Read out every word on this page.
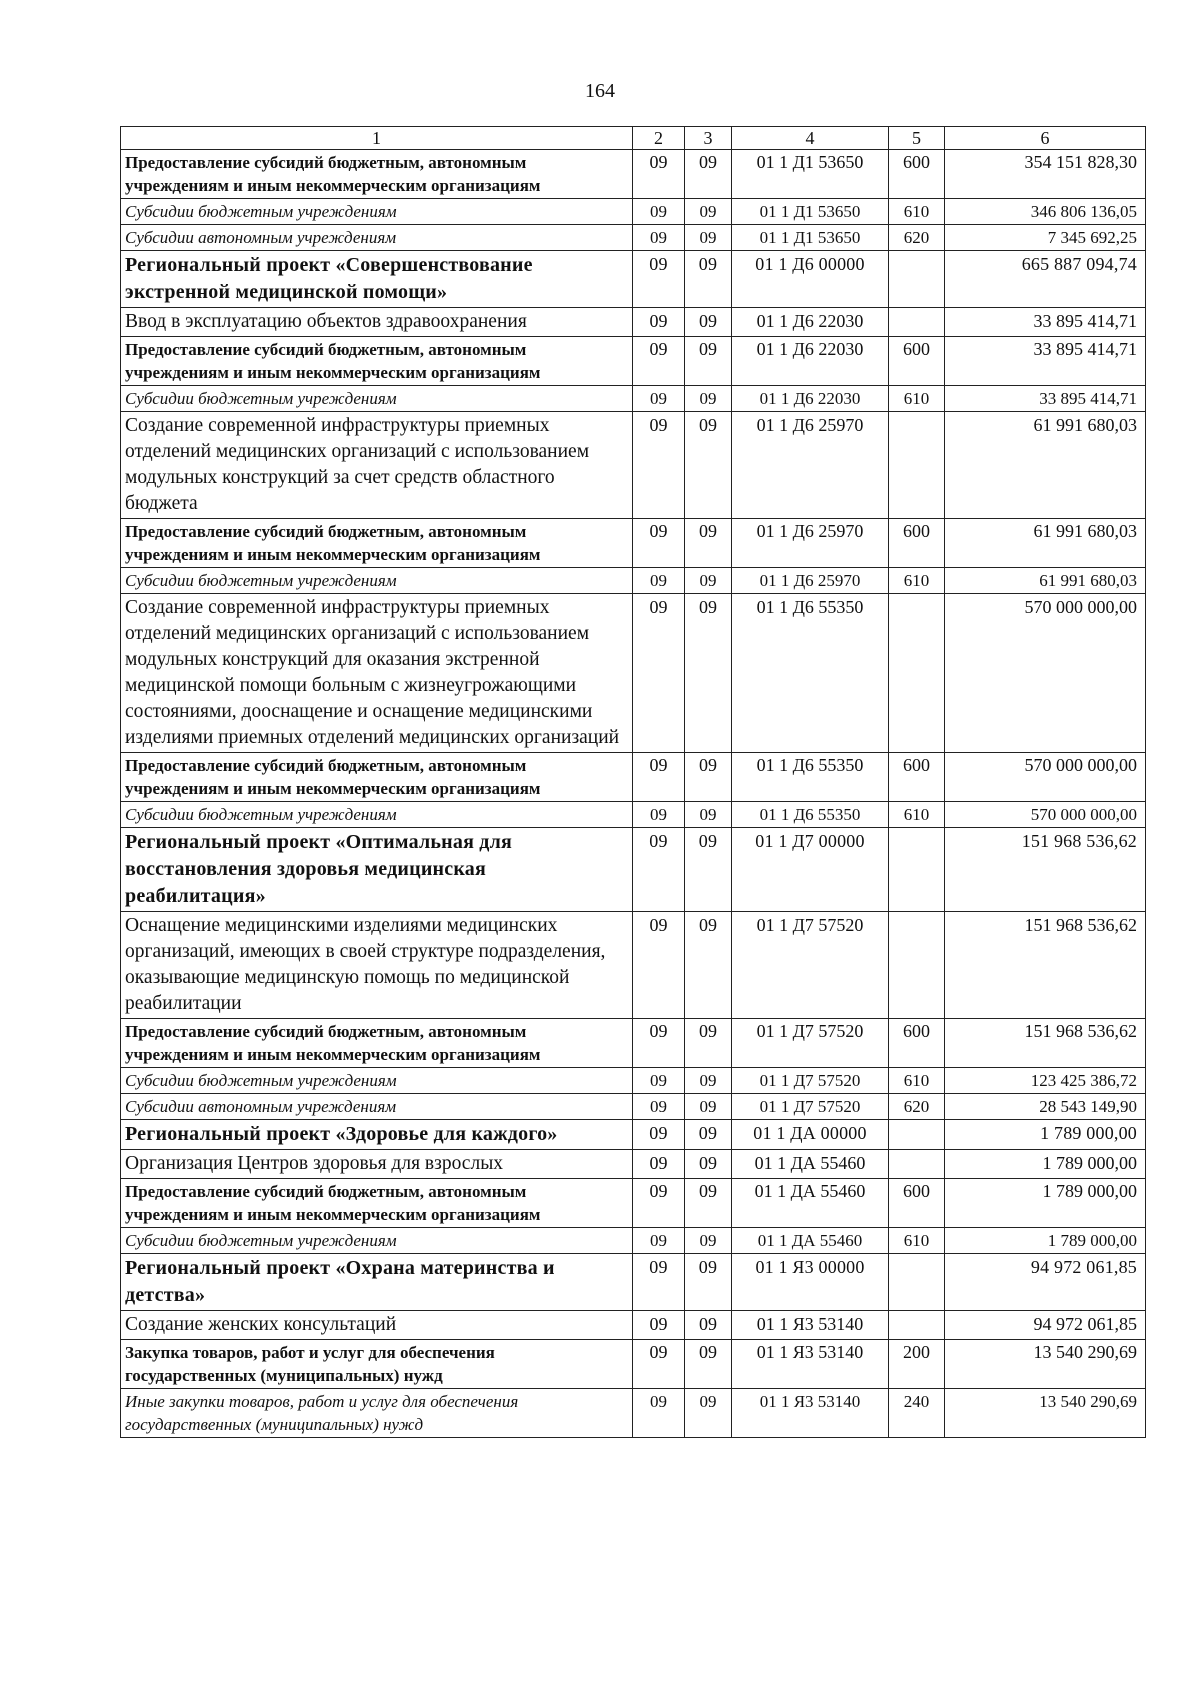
164
1	2	3	4	5	6
Предоставление субсидий бюджетным, автономным учреждениям и иным некоммерческим организациям	09	09	01 1 Д1 53650	600	354 151 828,30
Субсидии бюджетным учреждениям	09	09	01 1 Д1 53650	610	346 806 136,05
Субсидии автономным учреждениям	09	09	01 1 Д1 53650	620	7 345 692,25
Региональный проект «Совершенствование экстренной медицинской помощи»	09	09	01 1 Д6 00000		665 887 094,74
Ввод в эксплуатацию объектов здравоохранения	09	09	01 1 Д6 22030		33 895 414,71
Предоставление субсидий бюджетным, автономным учреждениям и иным некоммерческим организациям	09	09	01 1 Д6 22030	600	33 895 414,71
Субсидии бюджетным учреждениям	09	09	01 1 Д6 22030	610	33 895 414,71
Создание современной инфраструктуры приемных отделений медицинских организаций с использованием модульных конструкций за счет средств областного бюджета	09	09	01 1 Д6 25970		61 991 680,03
Предоставление субсидий бюджетным, автономным учреждениям и иным некоммерческим организациям	09	09	01 1 Д6 25970	600	61 991 680,03
Субсидии бюджетным учреждениям	09	09	01 1 Д6 25970	610	61 991 680,03
Создание современной инфраструктуры приемных отделений медицинских организаций с использованием модульных конструкций для оказания экстренной медицинской помощи больным с жизнеугрожающими состояниями, дооснащение и оснащение медицинскими изделиями приемных отделений медицинских организаций	09	09	01 1 Д6 55350		570 000 000,00
Предоставление субсидий бюджетным, автономным учреждениям и иным некоммерческим организациям	09	09	01 1 Д6 55350	600	570 000 000,00
Субсидии бюджетным учреждениям	09	09	01 1 Д6 55350	610	570 000 000,00
Региональный проект «Оптимальная для восстановления здоровья медицинская реабилитация»	09	09	01 1 Д7 00000		151 968 536,62
Оснащение медицинскими изделиями медицинских организаций, имеющих в своей структуре подразделения, оказывающие медицинскую помощь по медицинской реабилитации	09	09	01 1 Д7 57520		151 968 536,62
Предоставление субсидий бюджетным, автономным учреждениям и иным некоммерческим организациям	09	09	01 1 Д7 57520	600	151 968 536,62
Субсидии бюджетным учреждениям	09	09	01 1 Д7 57520	610	123 425 386,72
Субсидии автономным учреждениям	09	09	01 1 Д7 57520	620	28 543 149,90
Региональный проект «Здоровье для каждого»	09	09	01 1 ДА 00000		1 789 000,00
Организация Центров здоровья для взрослых	09	09	01 1 ДА 55460		1 789 000,00
Предоставление субсидий бюджетным, автономным учреждениям и иным некоммерческим организациям	09	09	01 1 ДА 55460	600	1 789 000,00
Субсидии бюджетным учреждениям	09	09	01 1 ДА 55460	610	1 789 000,00
Региональный проект «Охрана материнства и детства»	09	09	01 1 Я3 00000		94 972 061,85
Создание женских консультаций	09	09	01 1 Я3 53140		94 972 061,85
Закупка товаров, работ и услуг для обеспечения государственных (муниципальных) нужд	09	09	01 1 Я3 53140	200	13 540 290,69
Иные закупки товаров, работ и услуг для обеспечения государственных (муниципальных) нужд	09	09	01 1 Я3 53140	240	13 540 290,69
